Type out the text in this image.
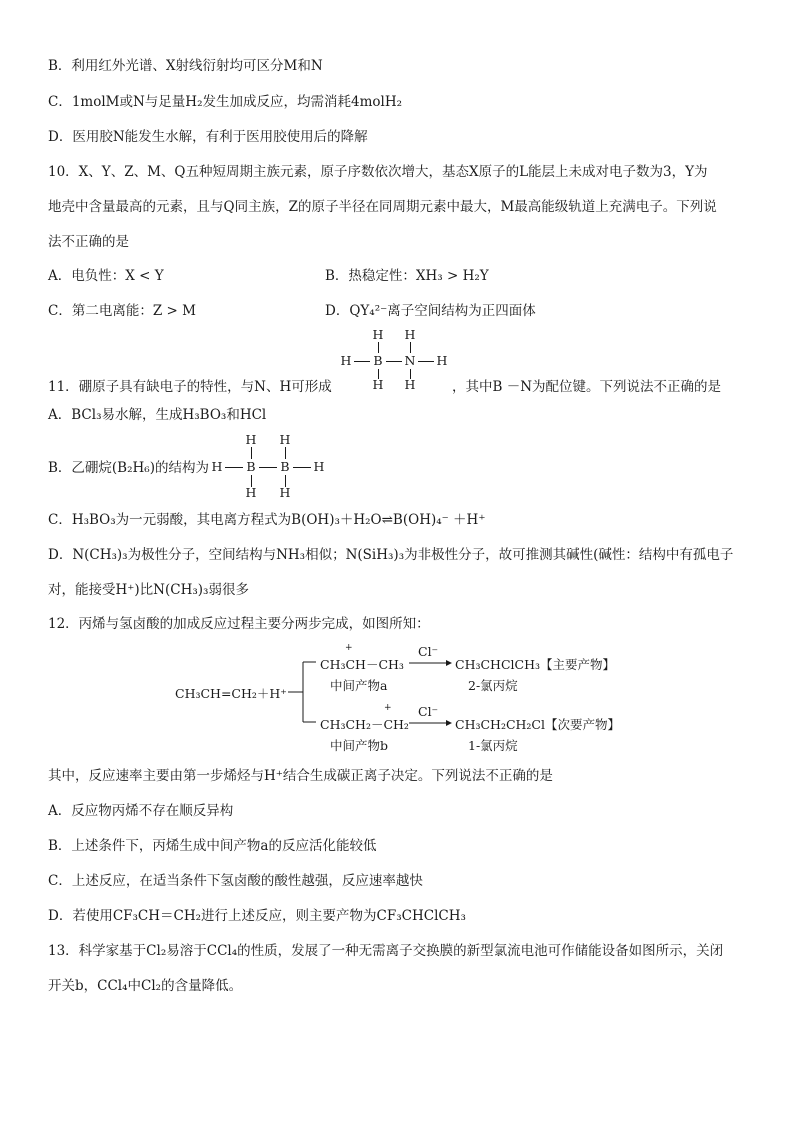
B．利用红外光谱、X射线衍射均可区分M和N
C．1molM或N与足量H₂发生加成反应，均需消耗4molH₂
D．医用胶N能发生水解，有利于医用胶使用后的降解
10．X、Y、Z、M、Q五种短周期主族元素，原子序数依次增大，基态X原子的L能层上未成对电子数为3，Y为
地壳中含量最高的元素，且与Q同主族，Z的原子半径在同周期元素中最大，M最高能级轨道上充满电子。下列说
法不正确的是
A．电负性：X < Y	B．热稳定性：XH₃ > H₂Y
C．第二电离能：Z > M	D．QY₄²⁻离子空间结构为正四面体
11．硼原子具有缺电子的特性，与N、H可形成
H H
H B N H
H H	，其中B －N为配位键。下列说法不正确的是
A．BCl₃易水解，生成H₃BO₃和HCl
B．乙硼烷(B₂H₆)的结构为
H H
H B B H
H H
C．H₃BO₃为一元弱酸，其电离方程式为B(OH)₃＋H₂O⇌B(OH)₄⁻ ＋H⁺
D．N(CH₃)₃为极性分子，空间结构与NH₃相似；N(SiH₃)₃为非极性分子，故可推测其碱性(碱性：结构中有孤电子
对，能接受H⁺)比N(CH₃)₃弱很多
12．丙烯与氢卤酸的加成反应过程主要分两步完成，如图所知：
CH₃CH=CH₂＋H⁺
+
CH₃CH－CH₃
中间产物a
Cl⁻
CH₃CHClCH₃【主要产物】
2-氯丙烷
+
CH₃CH₂－CH₂
中间产物b
Cl⁻
CH₃CH₂CH₂Cl【次要产物】
1-氯丙烷
其中，反应速率主要由第一步烯烃与H⁺结合生成碳正离子决定。下列说法不正确的是
A．反应物丙烯不存在顺反异构
B．上述条件下，丙烯生成中间产物a的反应活化能较低
C．上述反应，在适当条件下氢卤酸的酸性越强，反应速率越快
D．若使用CF₃CH＝CH₂进行上述反应，则主要产物为CF₃CHClCH₃
13．科学家基于Cl₂易溶于CCl₄的性质，发展了一种无需离子交换膜的新型氯流电池可作储能设备如图所示，关闭
开关b，CCl₄中Cl₂的含量降低。
